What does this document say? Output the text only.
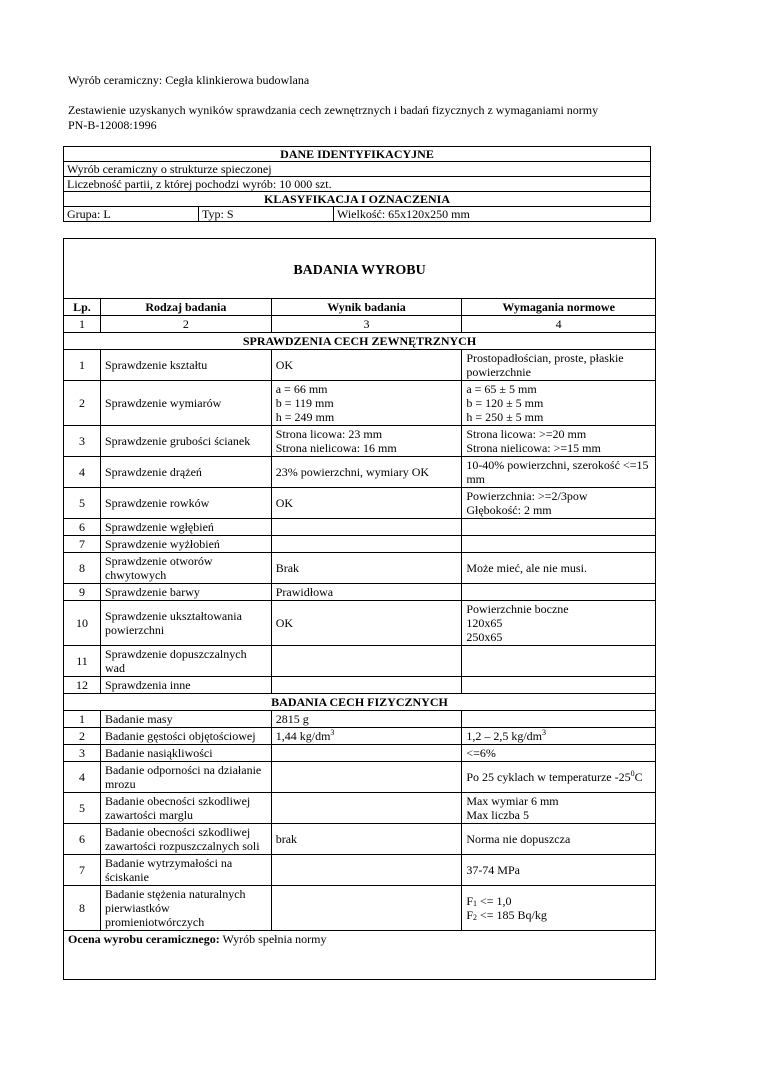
Wyrób ceramiczny: Cegła klinkierowa budowlana
Zestawienie uzyskanych wyników sprawdzania cech zewnętrznych i badań fizycznych z wymaganiami normy
PN-B-12008:1996
DANE IDENTYFIKACYJNE
Wyrób ceramiczny o strukturze spieczonej
Liczebność partii, z której pochodzi wyrób: 10 000 szt.
KLASYFIKACJA I OZNACZENIA
Grupa: L	Typ: S	Wielkość: 65x120x250 mm
BADANIA WYROBU			
Lp.	Rodzaj badania	Wynik badania	Wymagania normowe
1	2	3	4
SPRAWDZENIA CECH ZEWNĘTRZNYCH			
1	Sprawdzenie kształtu	OK	Prostopadłościan, proste, płaskie powierzchnie
2	Sprawdzenie wymiarów	a = 66 mm
b = 119 mm
h = 249 mm	a = 65 ± 5 mm
b = 120 ± 5 mm
h = 250 ± 5 mm
3	Sprawdzenie grubości ścianek	Strona licowa: 23 mm
Strona nielicowa: 16 mm	Strona licowa: >=20 mm
Strona nielicowa: >=15 mm
4	Sprawdzenie drążeń	23% powierzchni, wymiary OK	10-40% powierzchni, szerokość <=15 mm
5	Sprawdzenie rowków	OK	Powierzchnia: >=2/3pow
Głębokość: 2 mm
6	Sprawdzenie wgłębień		
7	Sprawdzenie wyżłobień		
8	Sprawdzenie otworów chwytowych	Brak	Może mieć, ale nie musi.
9	Sprawdzenie barwy	Prawidłowa	
10	Sprawdzenie ukształtowania powierzchni	OK	Powierzchnie boczne
120x65
250x65
11	Sprawdzenie dopuszczalnych wad		
12	Sprawdzenia inne		
BADANIA CECH FIZYCZNYCH			
1	Badanie masy	2815 g	
2	Badanie gęstości objętościowej	1,44 $kg/dm^3$	1,2 – 2,5 $kg/dm^3$
3	Badanie nasiąkliwości		<=6%
4	Badanie odporności na działanie mrozu		Po 25 cyklach w temperaturze $-25^0C$
5	Badanie obecności szkodliwej zawartości marglu		Max wymiar 6 mm
Max liczba 5
6	Badanie obecności szkodliwej zawartości rozpuszczalnych soli	brak	Norma nie dopuszcza
7	Badanie wytrzymałości na ściskanie		37-74 MPa
8	Badanie stężenia naturalnych pierwiastków promieniotwórczych		F1 <= 1,0
F2 <= 185 Bq/kg
Ocena wyrobu ceramicznego: Wyrób spełnia normy			
